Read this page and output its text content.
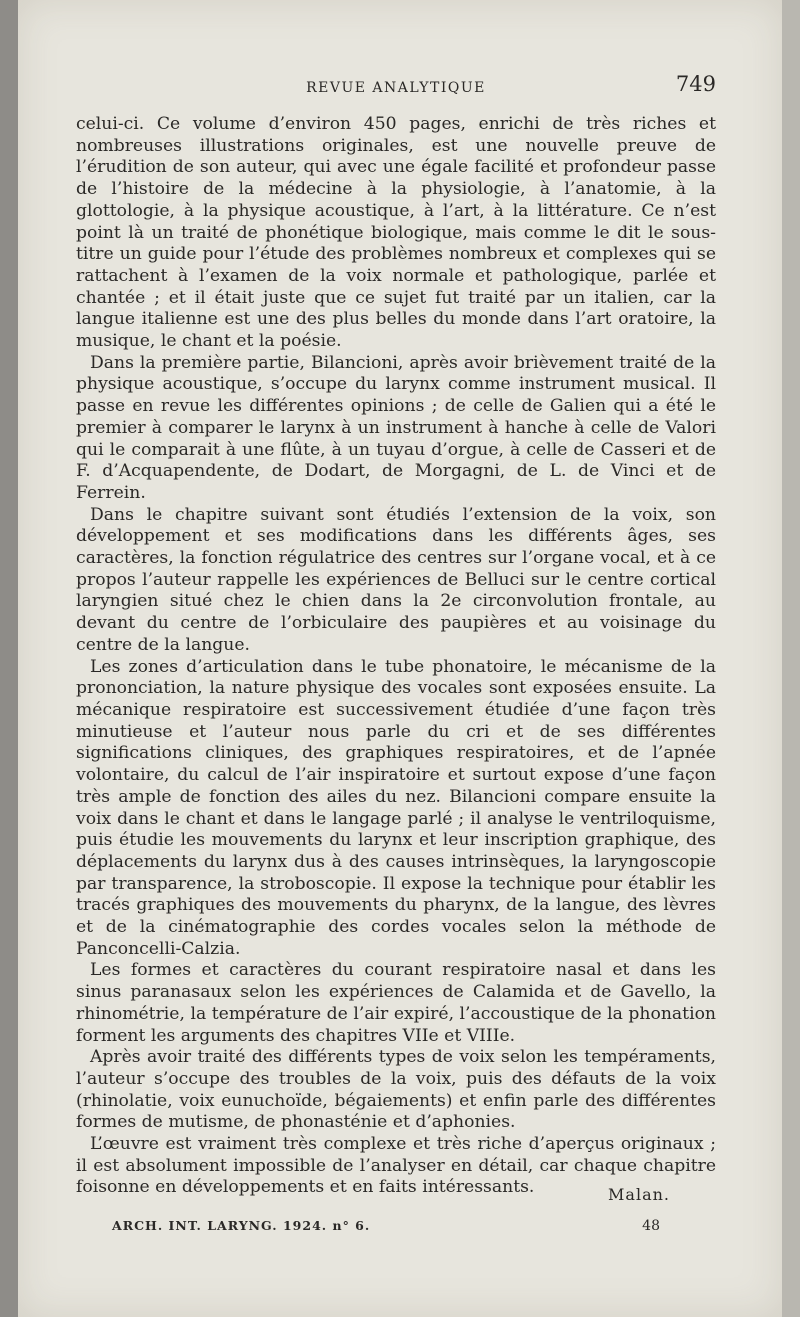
REVUE ANALYTIQUE	749

celui-ci. Ce volume d’environ 450 pages, enrichi de très riches et nombreuses illustrations originales, est une nouvelle preuve de l’érudition de son auteur, qui avec une égale facilité et profondeur passe de l’histoire de la médecine à la physiologie, à l’anatomie, à la glottologie, à la physique acoustique, à l’art, à la littérature. Ce n’est point là un traité de phonétique biologique, mais comme le dit le sous-titre un guide pour l’étude des problèmes nombreux et complexes qui se rattachent à l’examen de la voix normale et pathologique, parlée et chantée ; et il était juste que ce sujet fut traité par un italien, car la langue italienne est une des plus belles du monde dans l’art oratoire, la musique, le chant et la poésie.

Dans la première partie, Bilancioni, après avoir brièvement traité de la physique acoustique, s’occupe du larynx comme instrument musical. Il passe en revue les différentes opinions ; de celle de Galien qui a été le premier à comparer le larynx à un instrument à hanche à celle de Valori qui le comparait à une flûte, à un tuyau d’orgue, à celle de Casseri et de F. d’Acquapendente, de Dodart, de Morgagni, de L. de Vinci et de Ferrein.

Dans le chapitre suivant sont étudiés l’extension de la voix, son développement et ses modifications dans les différents âges, ses caractères, la fonction régulatrice des centres sur l’organe vocal, et à ce propos l’auteur rappelle les expériences de Belluci sur le centre cortical laryngien situé chez le chien dans la 2e circonvolution frontale, au devant du centre de l’orbiculaire des paupières et au voisinage du centre de la langue.

Les zones d’articulation dans le tube phonatoire, le mécanisme de la prononciation, la nature physique des vocales sont exposées ensuite. La mécanique respiratoire est successivement étudiée d’une façon très minutieuse et l’auteur nous parle du cri et de ses différentes significations cliniques, des graphiques respiratoires, et de l’apnée volontaire, du calcul de l’air inspiratoire et surtout expose d’une façon très ample de fonction des ailes du nez. Bilancioni compare ensuite la voix dans le chant et dans le langage parlé ; il analyse le ventriloquisme, puis étudie les mouvements du larynx et leur inscription graphique, des déplacements du larynx dus à des causes intrinsèques, la laryngoscopie par transparence, la stroboscopie. Il expose la technique pour établir les tracés graphiques des mouvements du pharynx, de la langue, des lèvres et de la cinématographie des cordes vocales selon la méthode de Panconcelli-Calzia.

Les formes et caractères du courant respiratoire nasal et dans les sinus paranasaux selon les expériences de Calamida et de Gavello, la rhinométrie, la température de l’air expiré, l’accoustique de la phonation forment les arguments des chapitres VIIe et VIIIe.

Après avoir traité des différents types de voix selon les tempéraments, l’auteur s’occupe des troubles de la voix, puis des défauts de la voix (rhinolatie, voix eunuchoïde, bégaiements) et enfin parle des différentes formes de mutisme, de phonasténie et d’aphonies.

L’œuvre est vraiment très complexe et très riche d’aperçus originaux ; il est absolument impossible de l’analyser en détail, car chaque chapitre foisonne en développements et en faits intéressants.	Malan.
ARCH. INT. LARYNG. 1924. n° 6.	48
